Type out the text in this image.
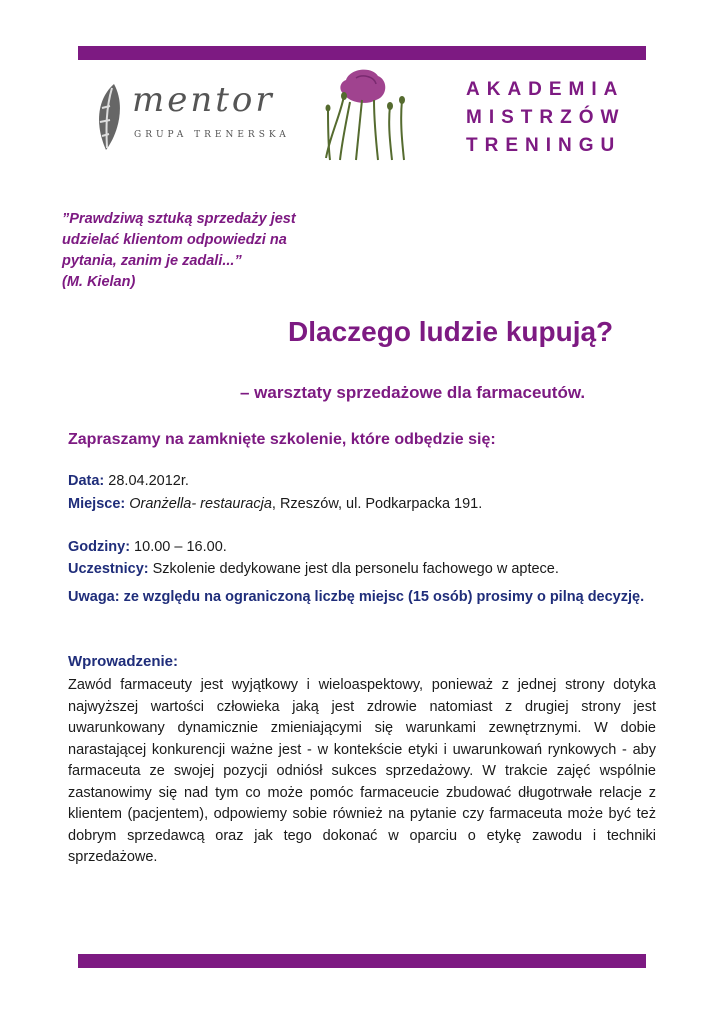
mentor
GRUPA TRENERSKA
AKADEMIA
MISTRZÓW
TRENINGU
”Prawdziwą sztuką sprzedaży jest
udzielać klientom odpowiedzi na
pytania, zanim je zadali...”
(M. Kielan)
Dlaczego ludzie kupują?
– warsztaty sprzedażowe dla farmaceutów.
Zapraszamy na zamknięte szkolenie, które odbędzie się:
Data: 28.04.2012r.
Miejsce: Oranżella- restauracja, Rzeszów, ul. Podkarpacka 191.
Godziny: 10.00 – 16.00.
Uczestnicy: Szkolenie dedykowane jest dla personelu fachowego w aptece.
Uwaga: ze względu na ograniczoną liczbę miejsc (15 osób) prosimy o pilną decyzję.
Wprowadzenie:
Zawód farmaceuty jest wyjątkowy i wieloaspektowy, ponieważ z jednej strony dotyka najwyższej wartości człowieka jaką jest zdrowie natomiast z drugiej strony jest uwarunkowany dynamicznie zmieniającymi się warunkami zewnętrznymi. W dobie narastającej konkurencji ważne jest - w kontekście etyki i uwarunkowań rynkowych - aby farmaceuta ze swojej pozycji odniósł sukces sprzedażowy. W trakcie zajęć wspólnie zastanowimy się nad tym co może pomóc farmaceucie zbudować długotrwałe relacje z klientem (pacjentem), odpowiemy sobie również na pytanie czy farmaceuta może być też dobrym sprzedawcą oraz jak tego dokonać w oparciu o etykę zawodu i techniki sprzedażowe.
